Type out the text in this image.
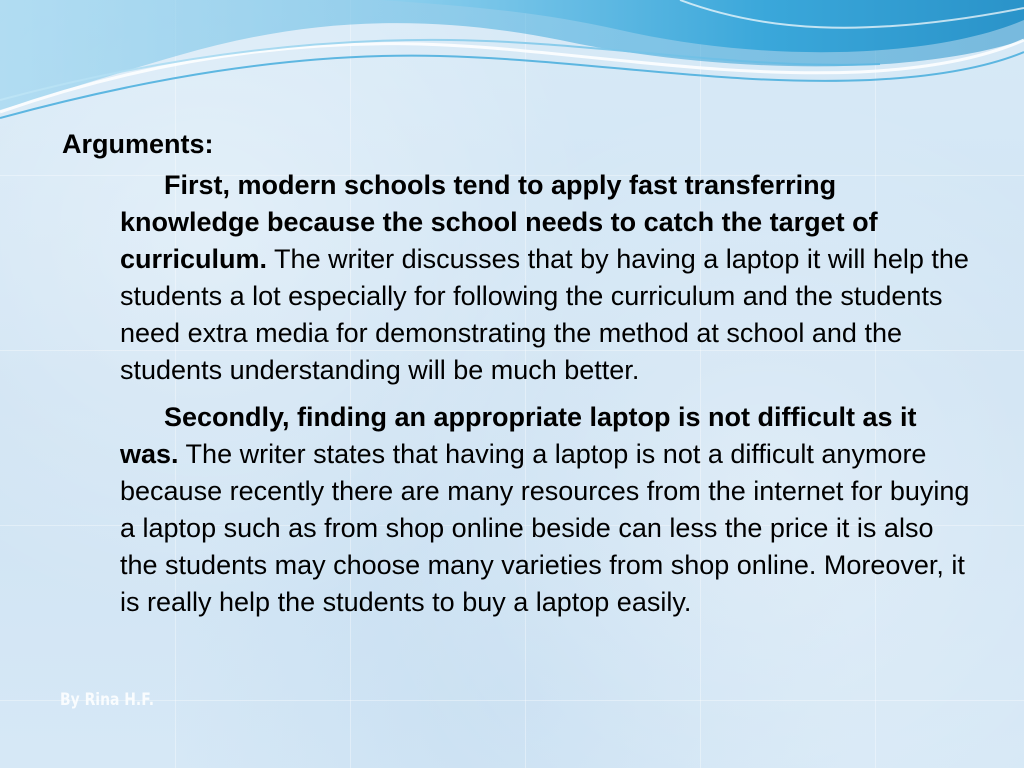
Arguments:

First, modern schools tend to apply fast transferring knowledge because the school needs to catch the target of curriculum. The writer discusses that by having a laptop it will help the students a lot especially for following the curriculum and the students need extra media for demonstrating the method at school and the students understanding will be much better.

Secondly, finding an appropriate laptop is not difficult as it was. The writer states that having a laptop is not a difficult anymore because recently there are many resources from the internet for buying a laptop such as from shop online beside can less the price it is also the students may choose many varieties from shop online. Moreover, it is really help the students to buy a laptop easily.

By Rina H.F.
